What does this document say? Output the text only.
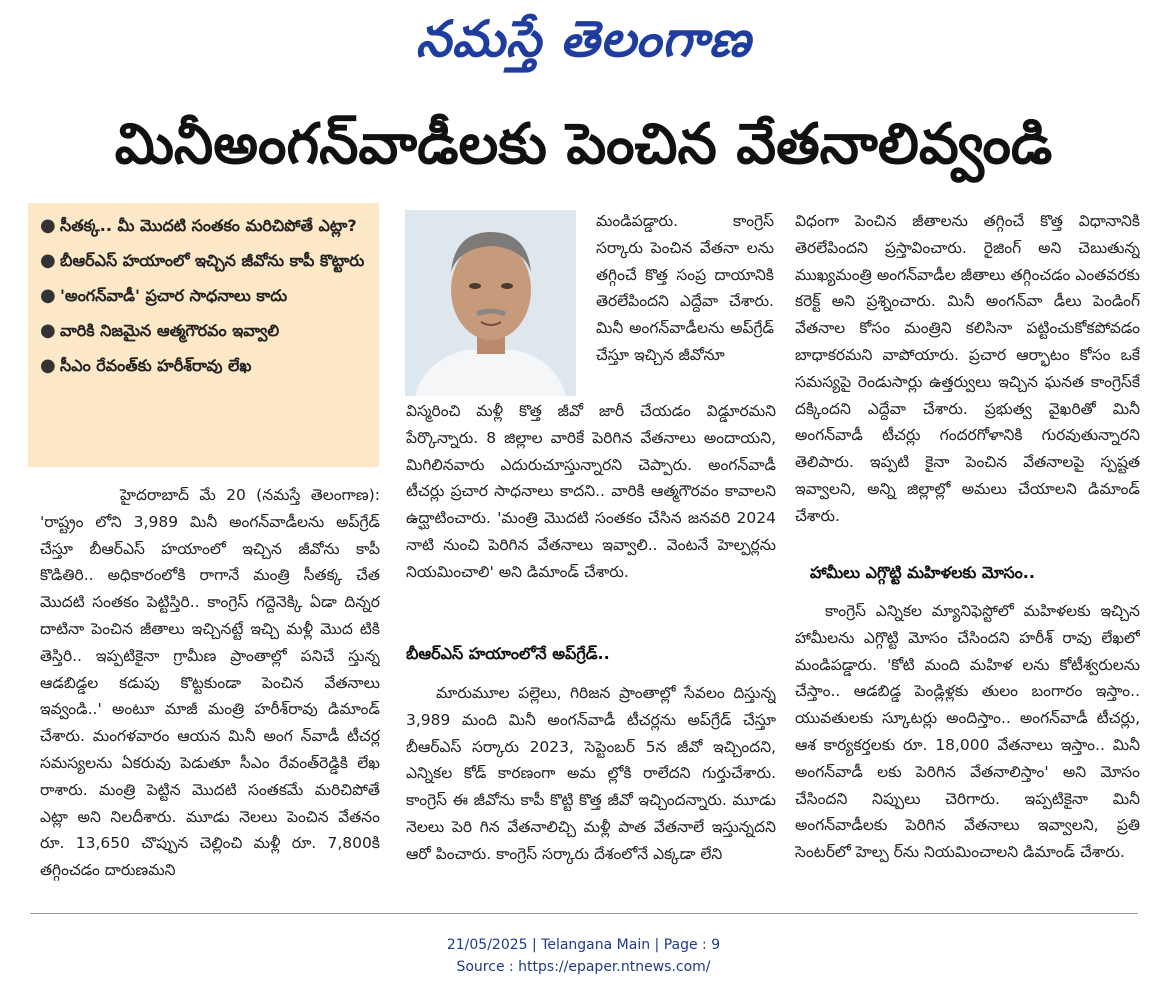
నమస్తే తెలంగాణ
మినీఅంగన్‌వాడీలకు పెంచిన వేతనాలివ్వండి
● సీతక్క.. మీ మొదటి సంతకం మరిచిపోతే ఎట్లా?
● బీఆర్‌ఎస్ హయాంలో ఇచ్చిన జీవోను కాపీ కొట్టారు
● 'అంగన్‌వాడీ' ప్రచార సాధనాలు కాదు
● వారికి నిజమైన ఆత్మగౌరవం ఇవ్వాలి
● సీఎం రేవంత్‌కు హరీశ్‌రావు లేఖ

హైదరాబాద్ మే 20 (నమస్తే తెలంగాణ): 'రాష్ట్రం లోని 3,989 మినీ అంగన్‌వాడీలను అప్‌గ్రేడ్ చేస్తూ బీఆర్‌ఎస్ హయాంలో ఇచ్చిన జీవోను కాపీ కొడితిరి.. అధికారంలోకి రాగానే మంత్రి సీతక్క చేత మొదటి సంతకం పెట్టిస్తిరి.. కాంగ్రెస్ గద్దెనెక్కి ఏడా దిన్నర దాటినా పెంచిన జీతాలు ఇచ్చినట్టే ఇచ్చి మళ్లీ మొద టికి తెస్తిరి.. ఇప్పటికైనా గ్రామీణ ప్రాంతాల్లో పనిచే స్తున్న ఆడబిడ్డల కడుపు కొట్టకుండా పెంచిన వేతనాలు ఇవ్వండి..' అంటూ మాజీ మంత్రి హరీశ్‌రావు డిమాండ్ చేశారు. మంగళవారం ఆయన మినీ అంగ న్‌వాడీ టీచర్ల సమస్యలను ఏకరువు పెడుతూ సీఎం రేవంత్‌రెడ్డికి లేఖ రాశారు. మంత్రి పెట్టిన మొదటి సంతకమే మరిచిపోతే ఎట్లా అని నిలదీశారు. మూడు నెలలు పెంచిన వేతనం రూ. 13,650 చొప్పున చెల్లించి మళ్లీ రూ. 7,800కి తగ్గించడం దారుణమని

మండిపడ్డారు. కాంగ్రెస్ సర్కారు పెంచిన వేతనా లను తగ్గించే కొత్త సంప్ర దాయానికి తెరలేపిందని ఎద్దేవా చేశారు. మినీ అంగన్‌వాడీలను అప్‌గ్రేడ్ చేస్తూ ఇచ్చిన జీవోనూ

విస్మరించి మళ్లీ కొత్త జీవో జారీ చేయడం విడ్డూరమని పేర్కొన్నారు. 8 జిల్లాల వారికే పెరిగిన వేతనాలు అందాయని, మిగిలినవారు ఎదురుచూస్తున్నారని చెప్పారు. అంగన్‌వాడీ టీచర్లు ప్రచార సాధనాలు కాదని.. వారికి ఆత్మగౌరవం కావాలని ఉద్ఘాటించారు. 'మంత్రి మొదటి సంతకం చేసిన జనవరి 2024 నాటి నుంచి పెరిగిన వేతనాలు ఇవ్వాలి.. వెంటనే హెల్పర్లను నియమించాలి' అని డిమాండ్ చేశారు.

బీఆర్‌ఎస్ హయాంలోనే అప్‌గ్రేడ్..

మారుమూల పల్లెలు, గిరిజన ప్రాంతాల్లో సేవలం దిస్తున్న 3,989 మంది మినీ అంగన్‌వాడీ టీచర్లను అప్‌గ్రేడ్ చేస్తూ బీఆర్‌ఎస్ సర్కారు 2023, సెప్టెంబర్ 5న జీవో ఇచ్చిందని, ఎన్నికల కోడ్ కారణంగా అమ ల్లోకి రాలేదని గుర్తుచేశారు. కాంగ్రెస్ ఈ జీవోను కాపీ కొట్టి కొత్త జీవో ఇచ్చిందన్నారు. మూడు నెలలు పెరి గిన వేతనాలిచ్చి మళ్లీ పాత వేతనాలే ఇస్తున్నదని ఆరో పించారు. కాంగ్రెస్ సర్కారు దేశంలోనే ఎక్కడా లేని

విధంగా పెంచిన జీతాలను తగ్గించే కొత్త విధానానికి తెరలేపిందని ప్రస్తావించారు. రైజింగ్ అని చెబుతున్న ముఖ్యమంత్రి అంగన్‌వాడీల జీతాలు తగ్గించడం ఎంతవరకు కరెక్ట్ అని ప్రశ్నించారు. మినీ అంగన్‌వా డీలు పెండింగ్ వేతనాల కోసం మంత్రిని కలిసినా పట్టించుకోకపోవడం బాధాకరమని వాపోయారు. ప్రచార ఆర్భాటం కోసం ఒకే సమస్యపై రెండుసార్లు ఉత్తర్వులు ఇచ్చిన ఘనత కాంగ్రెస్‌కే దక్కిందని ఎద్దేవా చేశారు. ప్రభుత్వ వైఖరితో మినీ అంగన్‌వాడీ టీచర్లు గందరగోళానికి గురవుతున్నారని తెలిపారు. ఇప్పటి కైనా పెంచిన వేతనాలపై స్పష్టత ఇవ్వాలని, అన్ని జిల్లాల్లో అమలు చేయాలని డిమాండ్ చేశారు.

హామీలు ఎగ్గొట్టి మహిళలకు మోసం..

కాంగ్రెస్ ఎన్నికల మ్యానిఫెస్టోలో మహిళలకు ఇచ్చిన హామీలను ఎగ్గొట్టి మోసం చేసిందని హరీశ్ రావు లేఖలో మండిపడ్డారు. 'కోటి మంది మహిళ లను కోటీశ్వరులను చేస్తాం.. ఆడబిడ్డ పెండ్లిళ్లకు తులం బంగారం ఇస్తాం.. యువతులకు స్కూటర్లు అందిస్తాం.. అంగన్‌వాడీ టీచర్లు, ఆశ కార్యకర్తలకు రూ. 18,000 వేతనాలు ఇస్తాం.. మినీ అంగన్‌వాడీ లకు పెరిగిన వేతనాలిస్తాం' అని మోసం చేసిందని నిప్పులు చెరిగారు. ఇప్పటికైనా మినీ అంగన్‌వాడీలకు పెరిగిన వేతనాలు ఇవ్వాలని, ప్రతి సెంటర్‌లో హెల్ప ర్‌ను నియమించాలని డిమాండ్ చేశారు.

21/05/2025 | Telangana Main | Page : 9
Source : https://epaper.ntnews.com/
